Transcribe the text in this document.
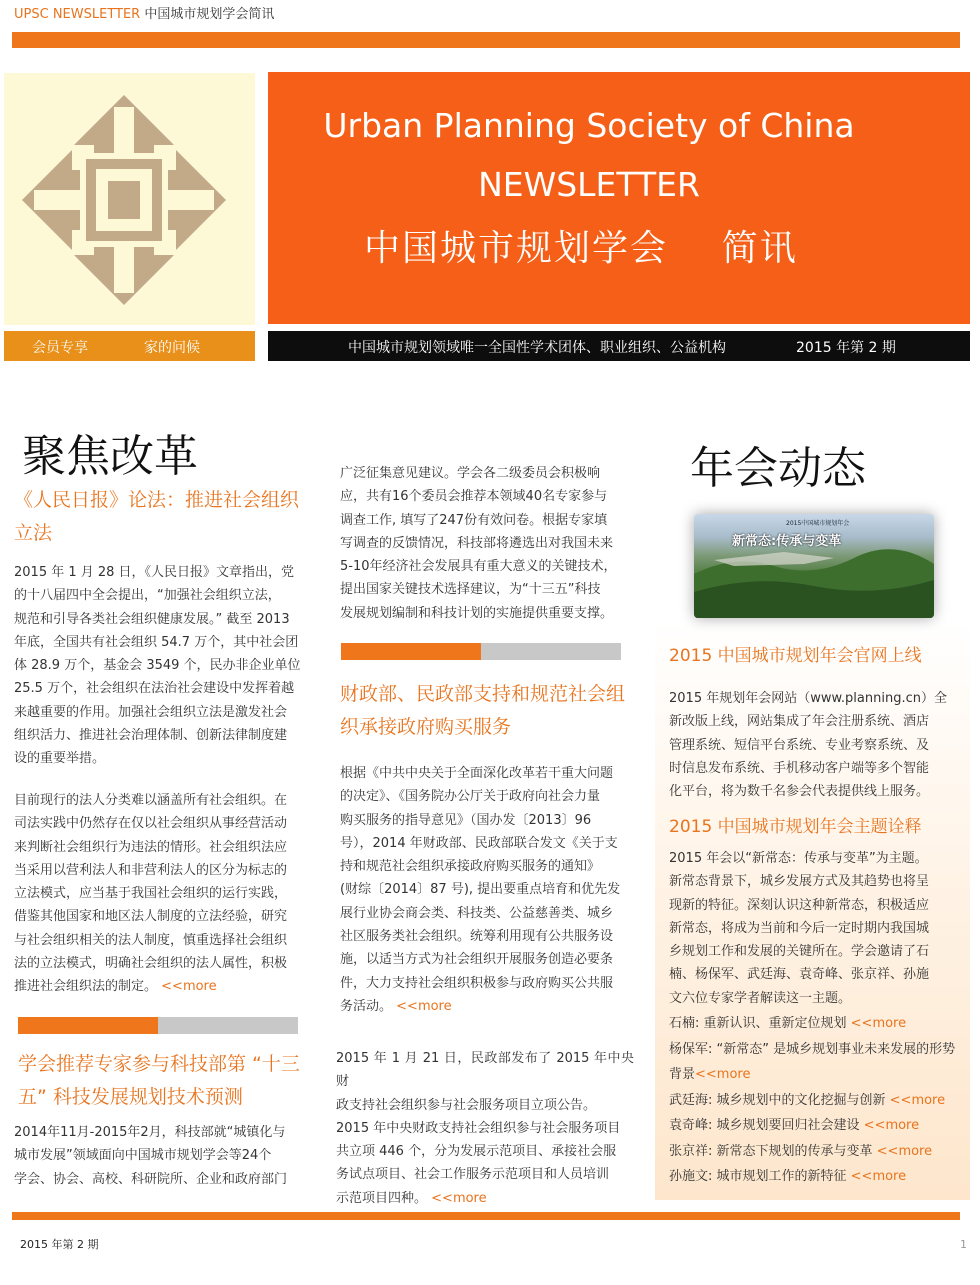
UPSC NEWSLETTER 中国城市规划学会简讯
Urban Planning Society of China
NEWSLETTER
中国城市规划学会    简讯
会员专享	家的问候	中国城市规划领域唯一全国性学术团体、职业组织、公益机构	2015 年第 2 期
聚焦改革
《人民日报》论法：推进社会组织
立法
2015 年 1 月 28 日，《人民日报》文章指出，党
的十八届四中全会提出，“加强社会组织立法，
规范和引导各类社会组织健康发展。” 截至 2013
年底，全国共有社会组织 54.7 万个，其中社会团
体 28.9 万个，基金会 3549 个，民办非企业单位
25.5 万个，社会组织在法治社会建设中发挥着越
来越重要的作用。加强社会组织立法是激发社会
组织活力、推进社会治理体制、创新法律制度建
设的重要举措。
目前现行的法人分类难以涵盖所有社会组织。在
司法实践中仍然存在仅以社会组织从事经营活动
来判断社会组织行为违法的情形。社会组织法应
当采用以营利法人和非营利法人的区分为标志的
立法模式，应当基于我国社会组织的运行实践，
借鉴其他国家和地区法人制度的立法经验，研究
与社会组织相关的法人制度，慎重选择社会组织
法的立法模式，明确社会组织的法人属性，积极
推进社会组织法的制定。 <<more
学会推荐专家参与科技部第 “十三
五” 科技发展规划技术预测
2014年11月-2015年2月，科技部就“城镇化与
城市发展”领域面向中国城市规划学会等24个
学会、协会、高校、科研院所、企业和政府部门
广泛征集意见建议。学会各二级委员会积极响
应，共有16个委员会推荐本领域40名专家参与
调查工作, 填写了247份有效问卷。根据专家填
写调查的反馈情况，科技部将遴选出对我国未来
5-10年经济社会发展具有重大意义的关键技术，
提出国家关键技术选择建议，为“十三五”科技
发展规划编制和科技计划的实施提供重要支撑。
财政部、民政部支持和规范社会组
织承接政府购买服务
根据《中共中央关于全面深化改革若干重大问题
的决定》、《国务院办公厅关于政府向社会力量
购买服务的指导意见》（国办发〔2013〕96
号），2014 年财政部、民政部联合发文《关于支
持和规范社会组织承接政府购买服务的通知》
(财综〔2014〕87 号), 提出要重点培育和优先发
展行业协会商会类、科技类、公益慈善类、城乡
社区服务类社会组织。统筹利用现有公共服务设
施，以适当方式为社会组织开展服务创造必要条
件，大力支持社会组织积极参与政府购买公共服
务活动。 <<more
2015 年 1 月 21 日，民政部发布了 2015 年中央财
政支持社会组织参与社会服务项目立项公告。
2015 年中央财政支持社会组织参与社会服务项目
共立项 446 个，分为发展示范项目、承接社会服
务试点项目、社会工作服务示范项目和人员培训
示范项目四种。 <<more
年会动态
2015中国城市规划年会
新常态:传承与变革
2015 中国城市规划年会官网上线
2015 年规划年会网站（www.planning.cn）全
新改版上线，网站集成了年会注册系统、酒店
管理系统、短信平台系统、专业考察系统、及
时信息发布系统、手机移动客户端等多个智能
化平台，将为数千名参会代表提供线上服务。
2015 中国城市规划年会主题诠释
2015 年会以“新常态：传承与变革”为主题。
新常态背景下，城乡发展方式及其趋势也将呈
现新的特征。深刻认识这种新常态，积极适应
新常态，将成为当前和今后一定时期内我国城
乡规划工作和发展的关键所在。学会邀请了石
楠、杨保军、武廷海、袁奇峰、张京祥、孙施
文六位专家学者解读这一主题。
石楠: 重新认识、重新定位规划 <<more
杨保军: “新常态” 是城乡规划事业未来发展的形势
背景<<more
武廷海: 城乡规划中的文化挖掘与创新 <<more
袁奇峰: 城乡规划要回归社会建设 <<more
张京祥: 新常态下规划的传承与变革 <<more
孙施文: 城市规划工作的新特征 <<more
2015 年第 2 期	1
